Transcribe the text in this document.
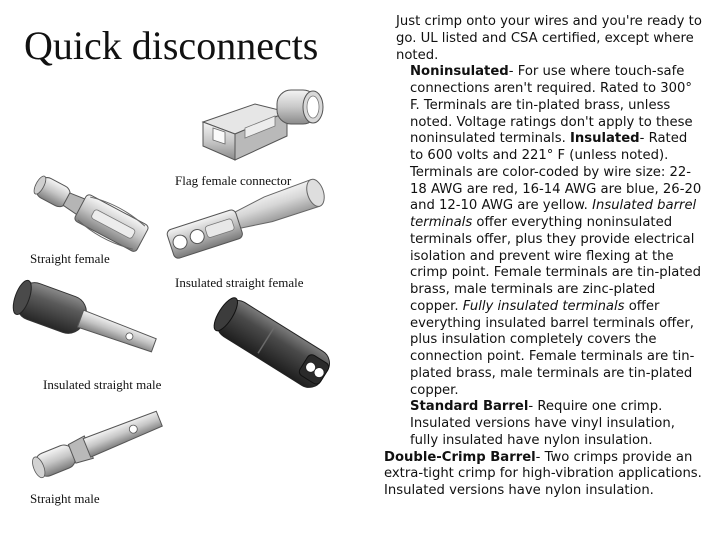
Quick disconnects
Flag female connector
Straight female
Insulated straight female
Insulated straight male
Straight male

Just crimp onto your wires and you're ready to go. UL listed and CSA certified, except where noted.

Noninsulated- For use where touch-safe connections aren't required. Rated to 300° F. Terminals are tin-plated brass, unless noted. Voltage ratings don't apply to these noninsulated terminals. Insulated- Rated to 600 volts and 221° F (unless noted). Terminals are color-coded by wire size: 22-18 AWG are red, 16-14 AWG are blue, 26-20 and 12-10 AWG are yellow. Insulated barrel terminals offer everything noninsulated terminals offer, plus they provide electrical isolation and prevent wire flexing at the crimp point. Female terminals are tin-plated brass, male terminals are zinc-plated copper. Fully insulated terminals offer everything insulated barrel terminals offer, plus insulation completely covers the connection point. Female terminals are tin-plated brass, male terminals are tin-plated copper.

Standard Barrel- Require one crimp. Insulated versions have vinyl insulation, fully insulated have nylon insulation.

Double-Crimp Barrel- Two crimps provide an extra-tight crimp for high-vibration applications. Insulated versions have nylon insulation.
